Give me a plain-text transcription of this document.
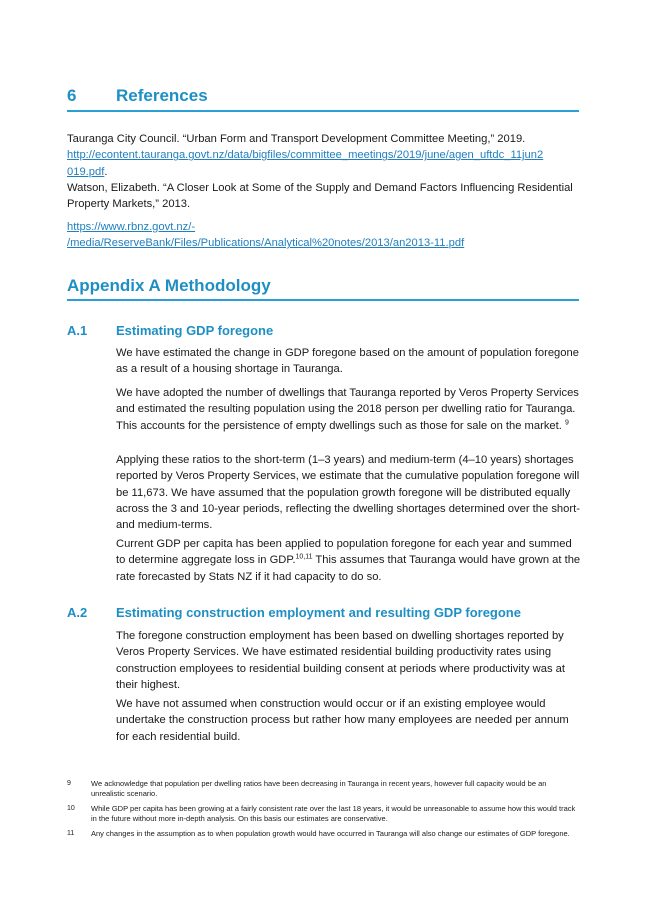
6 References
Tauranga City Council. “Urban Form and Transport Development Committee Meeting,” 2019.
http://econtent.tauranga.govt.nz/data/bigfiles/committee_meetings/2019/june/agen_uftdc_11jun2
019.pdf.
Watson, Elizabeth. “A Closer Look at Some of the Supply and Demand Factors Influencing Residential
Property Markets,” 2013.
https://www.rbnz.govt.nz/-
/media/ReserveBank/Files/Publications/Analytical%20notes/2013/an2013-11.pdf
Appendix A Methodology
A.1 Estimating GDP foregone
We have estimated the change in GDP foregone based on the amount of population foregone as a result of a housing shortage in Tauranga.
We have adopted the number of dwellings that Tauranga reported by Veros Property Services and estimated the resulting population using the 2018 person per dwelling ratio for Tauranga. This accounts for the persistence of empty dwellings such as those for sale on the market. $^9$
Applying these ratios to the short-term (1–3 years) and medium-term (4–10 years) shortages reported by Veros Property Services, we estimate that the cumulative population foregone will be 11,673. We have assumed that the population growth foregone will be distributed equally across the 3 and 10-year periods, reflecting the dwelling shortages determined over the short- and medium-terms.
Current GDP per capita has been applied to population foregone for each year and summed to determine aggregate loss in GDP.$^{10,11}$ This assumes that Tauranga would have grown at the rate forecasted by Stats NZ if it had capacity to do so.
A.2 Estimating construction employment and resulting GDP foregone
The foregone construction employment has been based on dwelling shortages reported by Veros Property Services. We have estimated residential building productivity rates using construction employees to residential building consent at periods where productivity was at their highest.
We have not assumed when construction would occur or if an existing employee would undertake the construction process but rather how many employees are needed per annum for each residential build.
9	We acknowledge that population per dwelling ratios have been decreasing in Tauranga in recent years, however full capacity would be an unrealistic scenario.
10 While GDP per capita has been growing at a fairly consistent rate over the last 18 years, it would be unreasonable to assume how this would track in the future without more in-depth analysis. On this basis our estimates are conservative.
11 Any changes in the assumption as to when population growth would have occurred in Tauranga will also change our estimates of GDP foregone.
